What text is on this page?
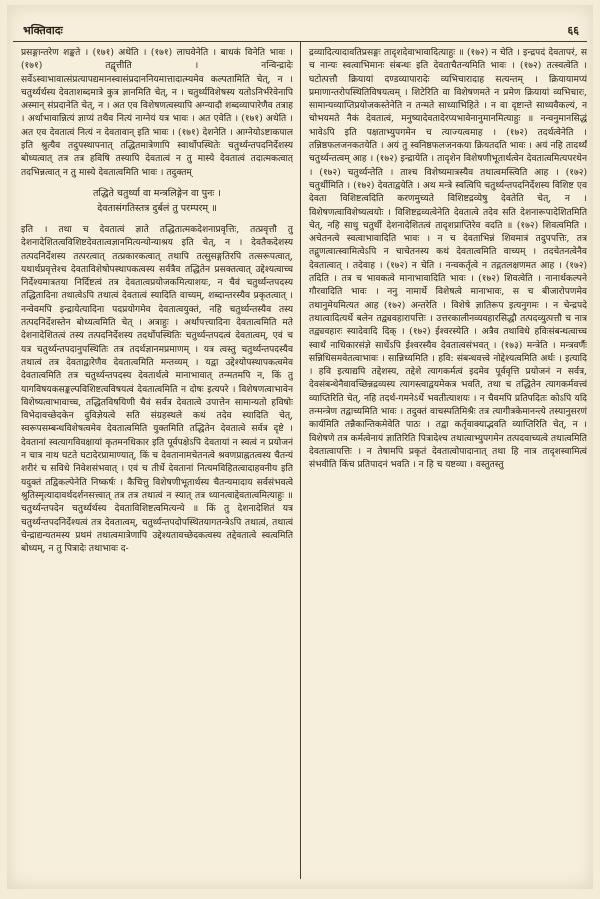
भक्तिवादः	६६

प्रसङ्गान्तरेण शङ्कते । (१७१) अथेति । (१७१) लाघवेनेति । बाधकं विनेति भावः । (१७१) तद्वृत्तीति । नन्विन्द्रादेः सर्वेऽस्वाभावात्संप्रत्यापद्यमानस्वासंप्रदाननियमात्तादात्म्यमेव कल्पतामिति चेत्, न । चतुर्थ्यर्थस्य देवताशब्दमात्रे कुत्र ज्ञानमिति चेत्, न । चतुर्थ्यविशेषस्य यतोऽनिर्भरेवेनापि अस्मान् संप्रदानेति चेत्, न । अत एव विशेषणत्वस्यापि अग्न्यादौ शब्दव्यापारेणैव तत्राह । अर्थाभावान्नित्यं ज्ञाप्यं तथैव नित्यं नाग्नेयं यत्र भावः । अत एवेति । (१७१) अथेति । अत एव देवतात्वं नित्यं न देवतावान् इति भावः । (१७१) देशनेति । आग्नेयोऽष्टाकपाल इति श्रुत्यैव तदुपस्थापनात् तद्धितमात्रेणापि स्वार्थोपस्थितेः चतुर्थ्यन्तपदनिर्देशस्य बोध्यत्वात् तत्र तत्र हविषि तस्यापि देवतात्वं न तु मास्ये देवतात्वं तदात्मकत्वात् तदभिन्नत्वात् न तु मास्ये देवतात्वमिति भावः । तदुक्तम्

तद्धिते चतुर्थ्या वा मन्त्रलिङ्गेन वा पुनः ।
देवतासंगतिस्तत्र दुर्बलं तु परम्परम् ॥

इति । तथा च देवतात्वं ज्ञाते तद्धितात्मकदेशनाप्रवृत्तिः, तत्प्रवृत्तौ तु देशनादेशितत्वविशिष्टदेवतात्वज्ञानमित्यन्योन्याश्रय इति चेत्, न । देवतैकदेशस्य तत्पदनिर्देशस्य तत्परत्वात् तत्प्रकारकत्वात् तथापि तत्सुसङ्गतिरपि तत्सरूपत्वात्, यथार्थप्रवृत्तेश्च देवताविशेषोपस्थापकत्वस्य सर्वत्रैव तद्धितेन प्रसक्तत्वात् उद्देश्यत्वाच्च निर्देश्यमात्रतया निर्दिष्टत्वं तत्र देवतात्वप्रयोजकमित्याशयः, न चैवं चतुर्थ्यन्तपदस्य तद्धितादिना तथात्वेऽपि तथात्वं देवतात्वं स्यादिति वाच्यम्, शब्दान्तरस्यैव प्रकृतत्वात् । नन्वेवमपि इन्द्रायेत्यादिना पदप्रयोगमेव देवतात्वयुक्तं, नहि चतुर्थ्यन्तस्यैव तस्य तत्पदनिर्देशस्तेन बोध्यत्वमिति चेत् । अत्राहुः । अर्थापत्त्यादिना देवतात्वमिति मते देशनादेशितत्वं तस्य तत्पदनिर्देशस्य तदर्थोपस्थितिः चतुर्थ्यन्तपदत्वं देवतात्वम्, एवं च यत्र चतुर्थ्यन्तपदानुपस्थितिः तत्र तदर्थज्ञानमप्रमाणम् । यत्र त्वस्तु चतुर्थ्यन्तपदस्यैव तथात्वं तत्र देवताद्वारेणैव देवतात्वमिति मन्तव्यम् । यद्वा उद्देश्योपस्थापकत्वमेव देवतात्वमिति तत्र चतुर्थ्यन्तपदस्य देवतार्थत्वे मानाभावात् तन्मतमपि न, किं तु यागविषयकसङ्कल्पविशिष्टत्वविषयत्वं देवतात्वमिति न दोषः इत्यपरे । विशेषणत्वाभावेन विशेष्यत्वाभावाच्च, तद्धितविषयिणी चैवं सर्वत्र देवतात्वे उपात्तेन सामान्यतो हविषोः विभेदावच्छेदकेन दुविज्ञेयत्वे सति संग्रहस्थले कथं तदेव स्यादिति चेत्, स्वरूपसम्बन्धविशेषत्वमेव देवतात्वमिति युक्तमिति तद्धितेन देवतात्वे सर्वत्र दृष्टे । देवतानां स्वत्यागविवक्षायां कृतमनधिकार इति पूर्वपक्षेऽपि देवतायां न स्वत्वं न प्रयोजनं न चात्र नाथ घटते घटादेरप्रामाण्यात्, किं च देवतानामचेतनत्वे श्रवणप्राह्नतत्वस्य चैतन्यं शरीरं च सविधे निवेशसंभवात् । एवं च तीर्थे देवतानां नित्यमविहितत्वादाहवनीय इति यदुक्तं तद्विकल्पेनेति निष्कर्षः । कैचित्तु विशेषणीभूतार्थस्य चैतन्यमादाय सर्वसंभवत्वे श्रुतिस्मृत्यादावर्थदर्शनसत्त्वात् तत्र तत्र तथात्वं न स्यात् तत्र ध्यानत्वाद्देवतात्वमित्याहुः ॥ चतुर्थ्यन्तपदेन चतुर्थ्यर्थस्य देवताविशिष्टत्वमित्यन्ये ॥ किं तु देशनादेशितं यत्र चतुर्थ्यन्तपदनिर्देश्यत्वं तत्र देवतात्वम्, चतुर्थ्यन्तपदोपस्थितयागतन्त्रेऽपि तथात्वं, तथात्वं चेन्द्राद्यन्यतमस्य प्रथमं तथात्वमात्रेणापि उद्देश्यतावच्छेदकत्वस्य तद्देवतात्वे स्वत्वमिति बोध्यम्, न तु पित्रादेः तथाभावः द-

द्रव्यादित्यादावतिप्रसङ्गः तादृशदेवाभावादित्याहुः ॥ (१७२) न चेति । इन्द्रपदं देवतापरं, स च नान्यः स्वत्वाभिमानः संबन्धः इति देवताचैतन्यमिति भावः । (१७२) तत्स्वत्वेति । घटोत्पत्तौ क्रियायां दण्डव्यापारादेः व्यभिचारादाह सत्यन्तम् । क्रियायामप्यं प्रमाणान्तरोपस्थितिविषयत्वम् । शिटेरिति वा विशेषणमते न प्रमेण क्रियायां व्यभिचारः, सामान्यव्याप्तिप्रयोजकस्तेनेति न तन्मते साध्याभिहिते । न वा दृष्टान्ते साध्यवैकल्यं, न चोभयमते नैकं देवतात्वं, मनुष्यादेवतादेरप्यभावेनानुमानमित्याहुः ॥ नन्वनुमानसिद्धं भावेऽपि इति पक्षताभ्युपगमेन च त्याज्यत्वमाह । (१७२) तदर्थत्वेनेति । तन्निष्ठफलजनकतयेति । अयं तु स्वनिष्ठफलजनकया क्रियतदति भावः । अयं नहि तादर्थ्यं चतुर्थ्यन्तत्वम् आह । (१७२) इन्द्रायेति । तादृशेन विशेषणीभूतार्थत्वेन देवतात्वमित्यपरथेन । (१७२) चतुर्थ्यन्तेति । ताश्च विशेष्यमात्रस्यैव तथात्वमस्त्विति आह । (१७२) चतुर्थीमिति । (१७२) देवताद्वयेति । अथ मन्त्रे स्वत्विपि चतुर्थ्यन्तपदनिर्देशस्य विशिष्ट एव देवता विशिष्टत्वदिति करणमुच्यते विशिष्टद्रव्येषु देवतेति चेत्, न । विशेषणत्वाविशेष्यत्वयोः । विशिष्टद्रव्यत्वेनेति देवतात्वे तदेव सति देशनारूपादेशितमिति चेत्, नहि साधु चतुर्थी देशनादेशितत्वं तादृशप्राप्तिरेव वदति ॥ (१७२) शिवत्वमिति । अचेतनत्वे स्वत्वाभावादिति भावः । न च देवताभिन्नं शिवमात्रं तदुपपत्तिः, तत्र तद्गुणत्वात्स्वामित्वेऽपि न चाचेतनस्य कथं देवतात्वमिति वाच्यम् । तदचेतनत्वेनैव देवतात्वात् । तदेवाह । (१७२) न चेति । नन्वकर्तृत्वे न तद्गतलक्षणमत आह । (१७२) तदिति । तत्र च भावकत्वे मानाभावादिति भावः । (१७२) शिवत्वेति । नानार्थकल्पने गौरवादिति भावः । ननु नामार्थे विशेषत्वे मानाभावः, स च बीजारोपणमेव तथानुमेयमित्यत आह (१७२) अन्तरेति । विशेषे ज्ञातिरूप इत्यनुगमः । न चेन्द्रपदे तथात्वादित्यर्थे बलेन तद्व्यवहारापत्तिः । उत्तरकालीनव्यवहारसिद्धौ तत्पदव्युत्पत्तौ च नात्र तद्व्यवहारः स्यादेवादि दिक् । (१७२) ईश्वरस्येति । अत्रैव तथाविधे हविःसंबन्धत्वाच्च स्वार्थं नाधिकारसंज्ञे सार्धेऽपि ईश्वरस्यैव देवतात्वसंभवत् । (१७३) मन्त्रेति । मन्त्रवर्णैः सन्निधिसमवेतत्वाभावः । सान्निध्यमिति । हवि: संबन्धवत्त्वे नोद्देश्यत्वमिति अर्थः । इत्यादि । हवि इत्याद्यपि तद्देशस्य, तद्देशे त्यागकर्मत्वं इदमेव पूर्ववृत्ति प्रयोजनं न सर्वत्र, देवसंबन्धेनैवावच्छिन्नद्रव्यस्य त्यागस्त्वाद्वयमेकत्र भवति, तथा च तद्धितेन त्यागकर्मवत्त्वं व्याप्तिरिति चेत्, नहि तदर्थ-गमनेऽर्थे भवतीत्याशयः । न चैवमपि प्रतिपदितः कोऽपि यदि तन्मन्त्रेण तद्वाच्यमिति भावः । तदुक्तं वाचस्पतिमिश्रैः तत्र त्यागीत्रकेमानन्त्ये तस्यानुसरणं कार्यमिति तन्नैकान्तिकमेवेति पाठः । तद्वा कर्तृवाक्याद्भवति व्याप्तिरिति चेत्, न । विशेषणे तत्र कर्मत्वेनायं ज्ञातिरिति पित्रादेश्च तथात्वाभ्युपगमेन तत्पदवाच्यत्वे तथात्वमिति देवतात्वापत्तिः । न तेषामपि प्रकृतं देवतात्वोपादानात् तथा हि नात्र तादृशस्वामित्वं संभवीति किंच प्रतिपादनं भवति । न हि च यष्टव्या । वस्तुतस्तु
